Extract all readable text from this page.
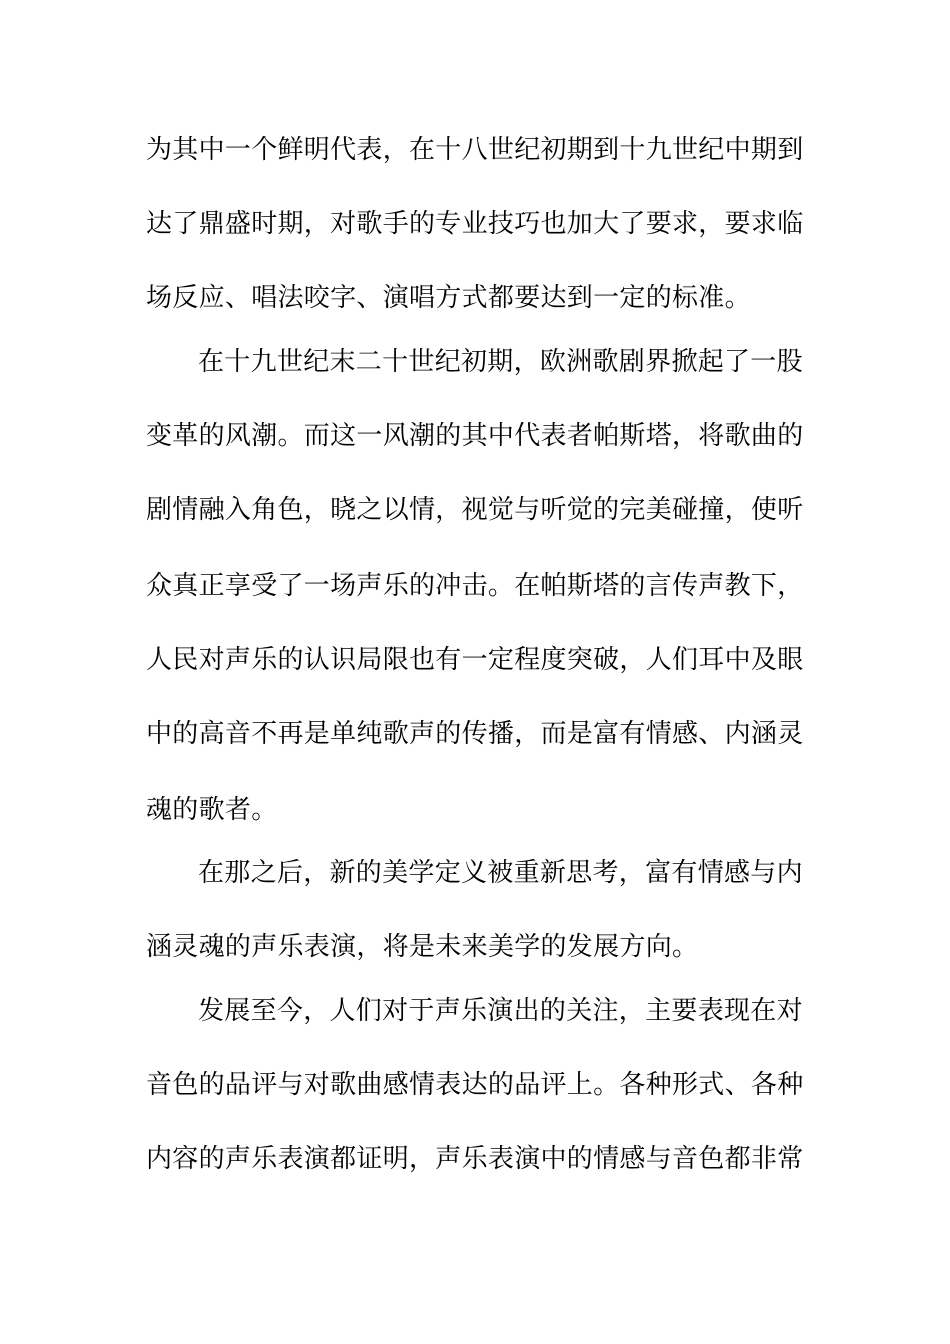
为其中一个鲜明代表，在十八世纪初期到十九世纪中期到
达了鼎盛时期，对歌手的专业技巧也加大了要求，要求临
场反应、唱法咬字、演唱方式都要达到一定的标准。
在十九世纪末二十世纪初期，欧洲歌剧界掀起了一股
变革的风潮。而这一风潮的其中代表者帕斯塔，将歌曲的
剧情融入角色，晓之以情，视觉与听觉的完美碰撞，使听
众真正享受了一场声乐的冲击。在帕斯塔的言传声教下，
人民对声乐的认识局限也有一定程度突破，人们耳中及眼
中的高音不再是单纯歌声的传播，而是富有情感、内涵灵
魂的歌者。
在那之后，新的美学定义被重新思考，富有情感与内
涵灵魂的声乐表演，将是未来美学的发展方向。
发展至今，人们对于声乐演出的关注，主要表现在对
音色的品评与对歌曲感情表达的品评上。各种形式、各种
内容的声乐表演都证明，声乐表演中的情感与音色都非常
